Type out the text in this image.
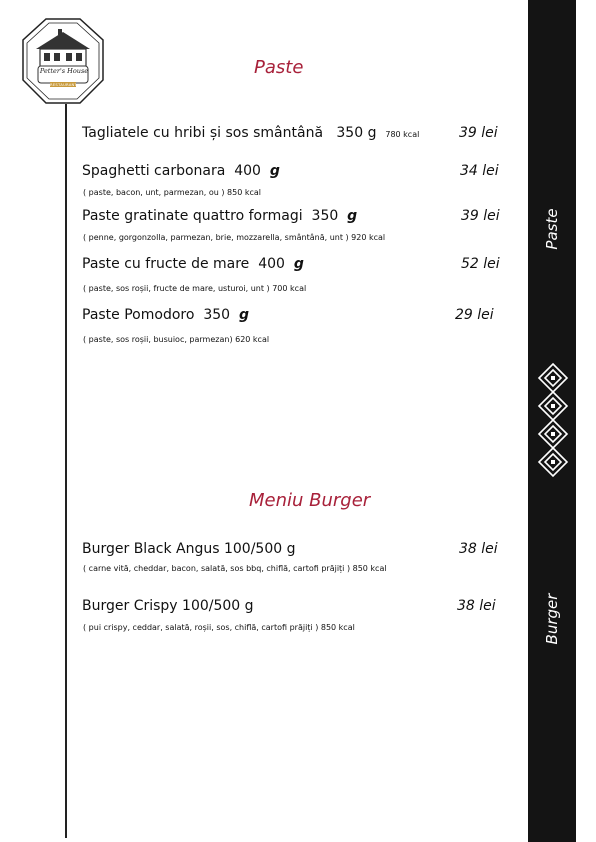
Petter's House
RESTAURANT
Paste
Tagliatele cu hribi și sos smântână 350 g 780 kcal	39 lei
Spaghetti carbonara 400 g	34 lei
( paste, bacon, unt, parmezan, ou ) 850 kcal
Paste gratinate quattro formagi 350 g	39 lei
( penne, gorgonzolla, parmezan, brie, mozzarella, smântână, unt ) 920 kcal
Paste cu fructe de mare 400 g	52 lei
( paste, sos roșii, fructe de mare, usturoi, unt ) 700 kcal
Paste Pomodoro 350 g	29 lei
( paste, sos roșii, busuioc, parmezan) 620 kcal
Meniu Burger
Burger Black Angus 100/500 g	38 lei
( carne vită, cheddar, bacon, salată, sos bbq, chiflă, cartofi prăjiți ) 850 kcal
Burger Crispy 100/500 g	38 lei
( pui crispy, ceddar, salată, roșii, sos, chiflă, cartofi prăjiți ) 850 kcal
Paste
Burger
